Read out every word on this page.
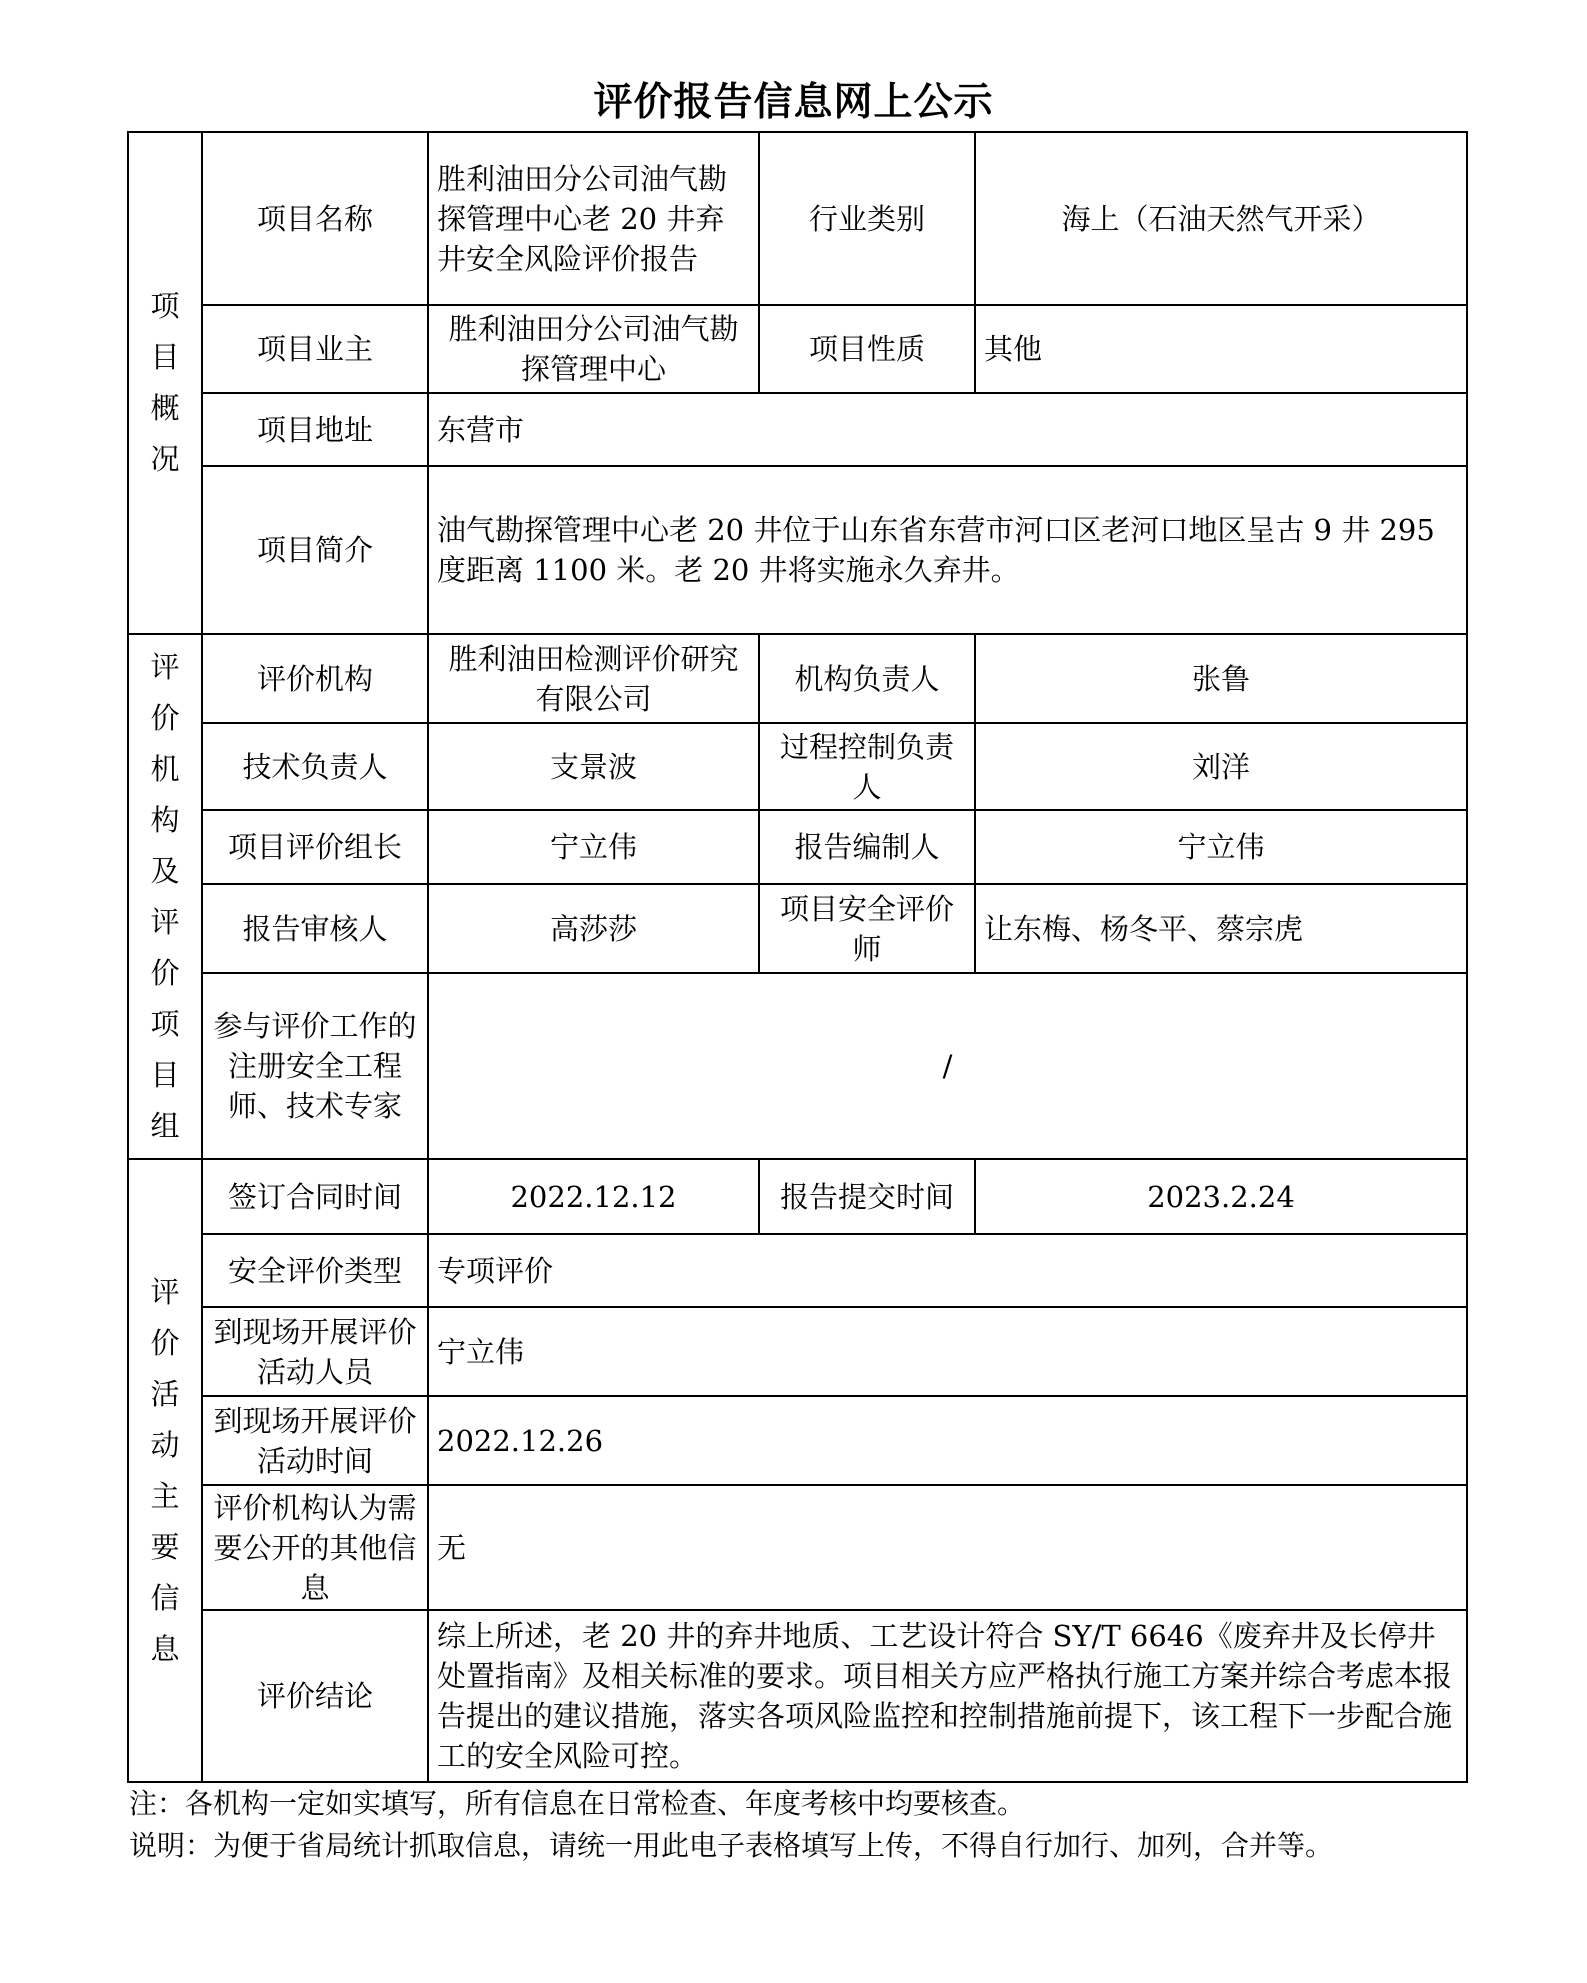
评价报告信息网上公示
项目概况	项目名称	胜利油田分公司油气勘探管理中心老 20 井弃井安全风险评价报告	行业类别	海上（石油天然气开采）
	项目业主	胜利油田分公司油气勘探管理中心	项目性质	其他
	项目地址	东营市		
	项目简介	油气勘探管理中心老 20 井位于山东省东营市河口区老河口地区呈古 9 井 295 度距离 1100 米。老 20 井将实施永久弃井。		
评价机构及评价项目组	评价机构	胜利油田检测评价研究有限公司	机构负责人	张鲁
	技术负责人	支景波	过程控制负责人	刘洋
	项目评价组长	宁立伟	报告编制人	宁立伟
	报告审核人	高莎莎	项目安全评价师	让东梅、杨冬平、蔡宗虎
	参与评价工作的注册安全工程师、技术专家	/		
评价活动主要信息	签订合同时间	2022.12.12	报告提交时间	2023.2.24
	安全评价类型	专项评价		
	到现场开展评价活动人员	宁立伟		
	到现场开展评价活动时间	2022.12.26		
	评价机构认为需要公开的其他信息	无		
	评价结论	综上所述，老 20 井的弃井地质、工艺设计符合 SY/T 6646《废弃井及长停井处置指南》及相关标准的要求。项目相关方应严格执行施工方案并综合考虑本报告提出的建议措施，落实各项风险监控和控制措施前提下，该工程下一步配合施工的安全风险可控。		
注：各机构一定如实填写，所有信息在日常检查、年度考核中均要核查。
说明：为便于省局统计抓取信息，请统一用此电子表格填写上传，不得自行加行、加列，合并等。
